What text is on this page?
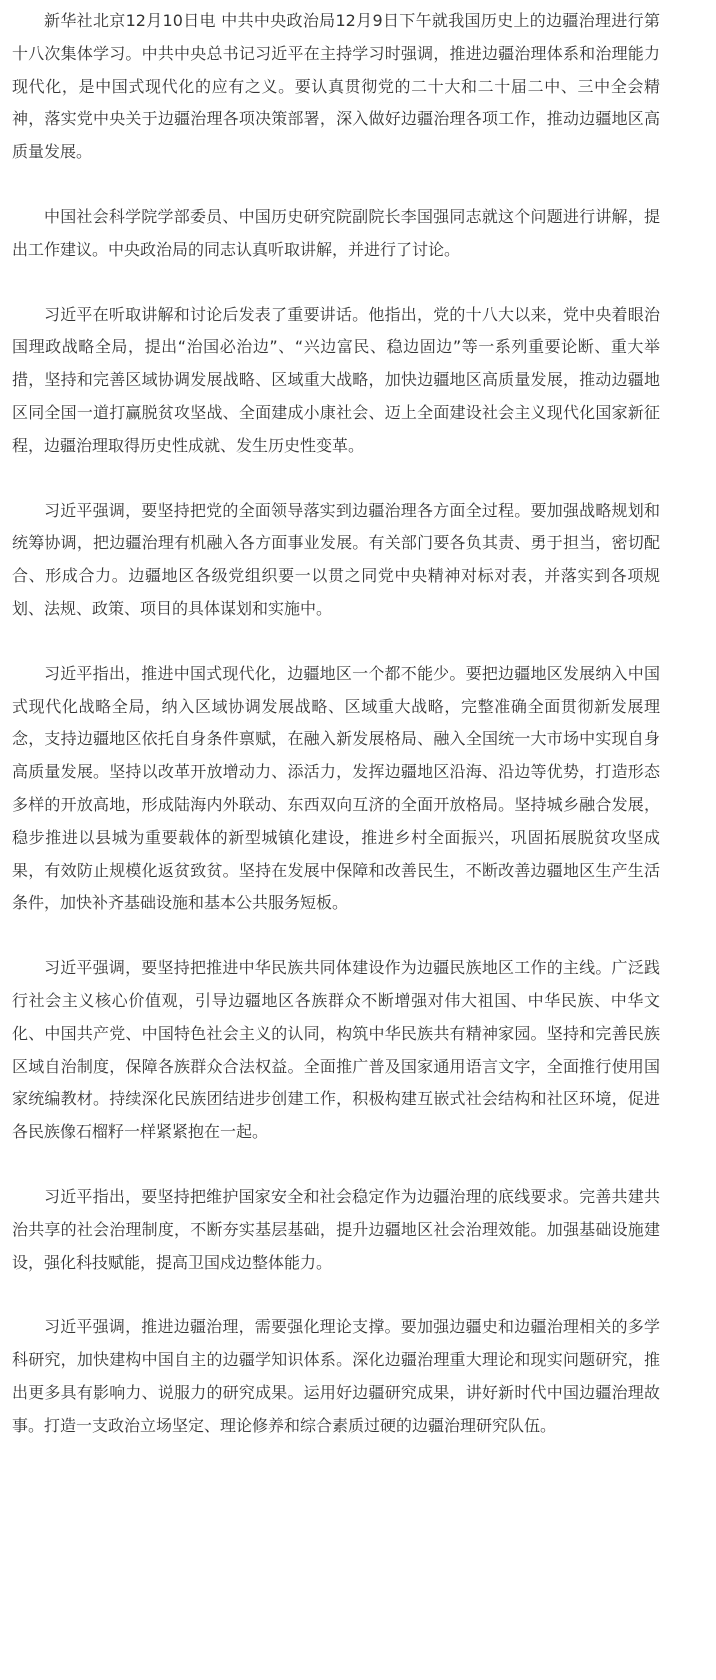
新华社北京12月10日电 中共中央政治局12月9日下午就我国历史上的边疆治理进行第十八次集体学习。中共中央总书记习近平在主持学习时强调，推进边疆治理体系和治理能力现代化，是中国式现代化的应有之义。要认真贯彻党的二十大和二十届二中、三中全会精神，落实党中央关于边疆治理各项决策部署，深入做好边疆治理各项工作，推动边疆地区高质量发展。

中国社会科学院学部委员、中国历史研究院副院长李国强同志就这个问题进行讲解，提出工作建议。中央政治局的同志认真听取讲解，并进行了讨论。

习近平在听取讲解和讨论后发表了重要讲话。他指出，党的十八大以来，党中央着眼治国理政战略全局，提出“治国必治边”、“兴边富民、稳边固边”等一系列重要论断、重大举措，坚持和完善区域协调发展战略、区域重大战略，加快边疆地区高质量发展，推动边疆地区同全国一道打赢脱贫攻坚战、全面建成小康社会、迈上全面建设社会主义现代化国家新征程，边疆治理取得历史性成就、发生历史性变革。

习近平强调，要坚持把党的全面领导落实到边疆治理各方面全过程。要加强战略规划和统筹协调，把边疆治理有机融入各方面事业发展。有关部门要各负其责、勇于担当，密切配合、形成合力。边疆地区各级党组织要一以贯之同党中央精神对标对表，并落实到各项规划、法规、政策、项目的具体谋划和实施中。

习近平指出，推进中国式现代化，边疆地区一个都不能少。要把边疆地区发展纳入中国式现代化战略全局，纳入区域协调发展战略、区域重大战略，完整准确全面贯彻新发展理念，支持边疆地区依托自身条件禀赋，在融入新发展格局、融入全国统一大市场中实现自身高质量发展。坚持以改革开放增动力、添活力，发挥边疆地区沿海、沿边等优势，打造形态多样的开放高地，形成陆海内外联动、东西双向互济的全面开放格局。坚持城乡融合发展，稳步推进以县城为重要载体的新型城镇化建设，推进乡村全面振兴，巩固拓展脱贫攻坚成果，有效防止规模化返贫致贫。坚持在发展中保障和改善民生，不断改善边疆地区生产生活条件，加快补齐基础设施和基本公共服务短板。

习近平强调，要坚持把推进中华民族共同体建设作为边疆民族地区工作的主线。广泛践行社会主义核心价值观，引导边疆地区各族群众不断增强对伟大祖国、中华民族、中华文化、中国共产党、中国特色社会主义的认同，构筑中华民族共有精神家园。坚持和完善民族区域自治制度，保障各族群众合法权益。全面推广普及国家通用语言文字，全面推行使用国家统编教材。持续深化民族团结进步创建工作，积极构建互嵌式社会结构和社区环境，促进各民族像石榴籽一样紧紧抱在一起。

习近平指出，要坚持把维护国家安全和社会稳定作为边疆治理的底线要求。完善共建共治共享的社会治理制度，不断夯实基层基础，提升边疆地区社会治理效能。加强基础设施建设，强化科技赋能，提高卫国戍边整体能力。

习近平强调，推进边疆治理，需要强化理论支撑。要加强边疆史和边疆治理相关的多学科研究，加快建构中国自主的边疆学知识体系。深化边疆治理重大理论和现实问题研究，推出更多具有影响力、说服力的研究成果。运用好边疆研究成果，讲好新时代中国边疆治理故事。打造一支政治立场坚定、理论修养和综合素质过硬的边疆治理研究队伍。
